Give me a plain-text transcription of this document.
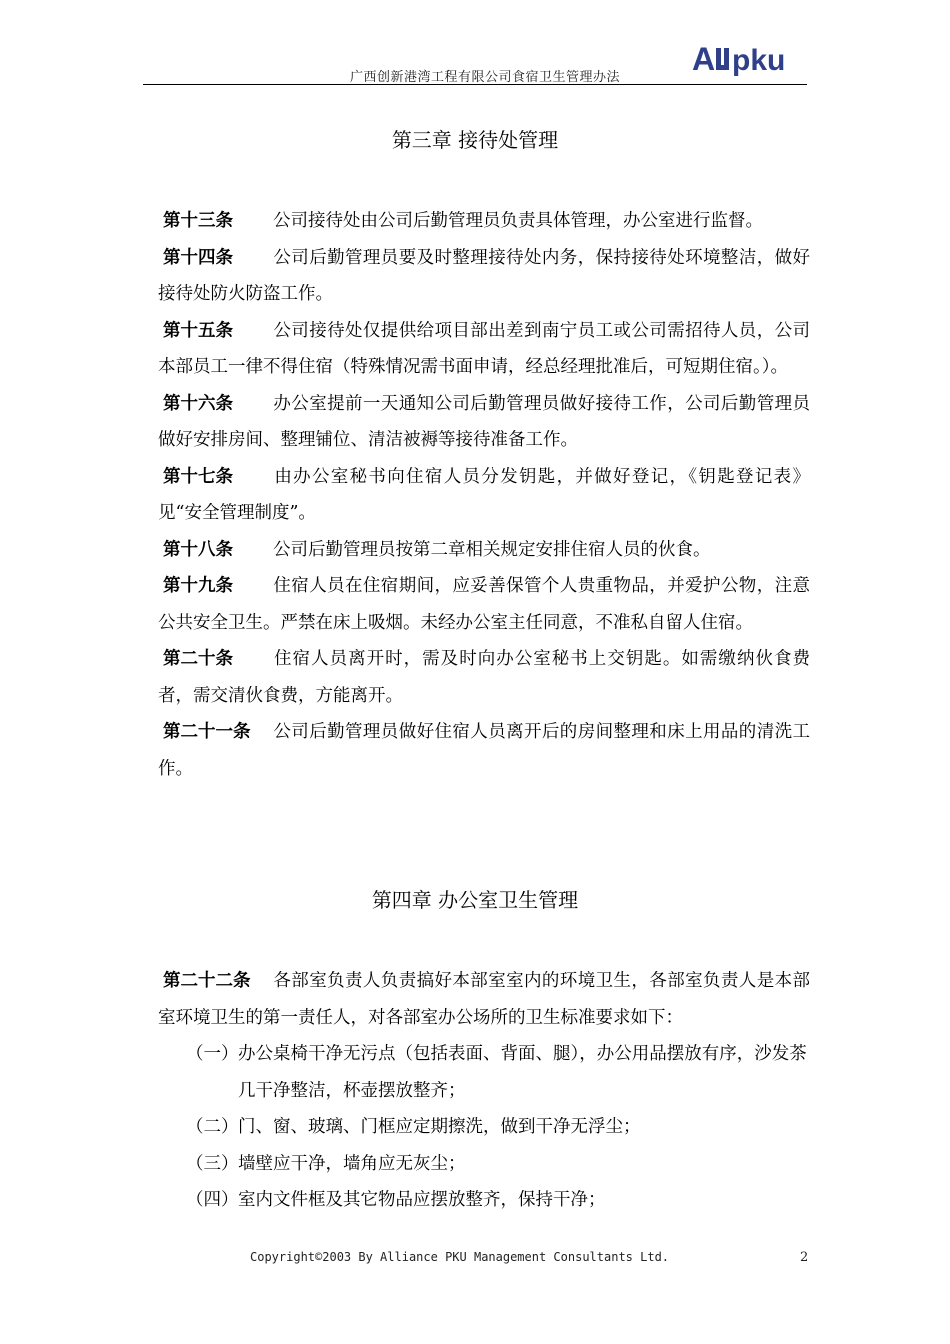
广西创新港湾工程有限公司食宿卫生管理办法
A pku
第三章 接待处管理

第十三条 公司接待处由公司后勤管理员负责具体管理，办公室进行监督。

第十四条 公司后勤管理员要及时整理接待处内务，保持接待处环境整洁，做好接待处防火防盗工作。

第十五条 公司接待处仅提供给项目部出差到南宁员工或公司需招待人员，公司本部员工一律不得住宿（特殊情况需书面申请，经总经理批准后，可短期住宿。）。

第十六条 办公室提前一天通知公司后勤管理员做好接待工作，公司后勤管理员做好安排房间、整理铺位、清洁被褥等接待准备工作。

第十七条 由办公室秘书向住宿人员分发钥匙，并做好登记，《钥匙登记表》见“安全管理制度”。

第十八条 公司后勤管理员按第二章相关规定安排住宿人员的伙食。

第十九条 住宿人员在住宿期间，应妥善保管个人贵重物品，并爱护公物，注意公共安全卫生。严禁在床上吸烟。未经办公室主任同意，不准私自留人住宿。

第二十条 住宿人员离开时，需及时向办公室秘书上交钥匙。如需缴纳伙食费者，需交清伙食费，方能离开。

第二十一条 公司后勤管理员做好住宿人员离开后的房间整理和床上用品的清洗工作。

第四章 办公室卫生管理

第二十二条 各部室负责人负责搞好本部室室内的环境卫生，各部室负责人是本部室环境卫生的第一责任人，对各部室办公场所的卫生标准要求如下：

（一） 办公桌椅干净无污点（包括表面、背面、腿），办公用品摆放有序，沙发茶几干净整洁，杯壶摆放整齐；

（二） 门、窗、玻璃、门框应定期擦洗，做到干净无浮尘；

（三） 墙壁应干净，墙角应无灰尘；

（四） 室内文件框及其它物品应摆放整齐，保持干净；

Copyright©2003 By Alliance PKU Management Consultants Ltd.	2
